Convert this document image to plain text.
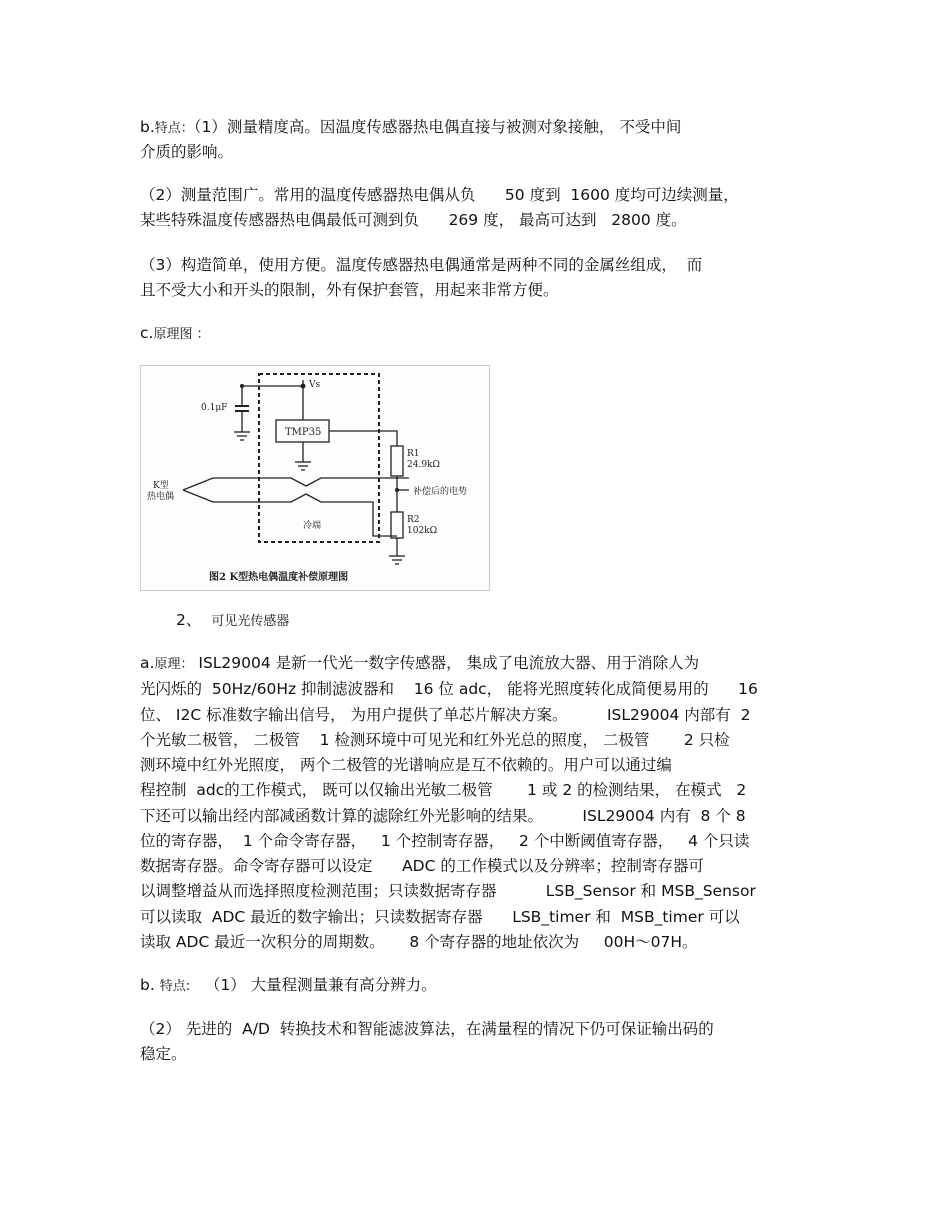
b.特点：（1）测量精度高。因温度传感器热电偶直接与被测对象接触， 不受中间
介质的影响。
（2）测量范围广。常用的温度传感器热电偶从负      50 度到  1600 度均可边续测量，
某些特殊温度传感器热电偶最低可测到负      269 度， 最高可达到   2800 度。
（3）构造简单，使用方便。温度传感器热电偶通常是两种不同的金属丝组成，  而
且不受大小和开头的限制，外有保护套管，用起来非常方便。
c.原理图 ：
Vs
0.1μF
TMP35
R1
24.9kΩ
K型
热电偶	补偿后的电势
冷端
R2
102kΩ
图2 K型热电偶温度补偿原理图
2、 可见光传感器
a.原理： ISL29004 是新一代光一数字传感器， 集成了电流放大器、用于消除人为
光闪烁的  50Hz/60Hz 抑制滤波器和    16 位 adc， 能将光照度转化成简便易用的      16
位、 I2C 标准数字输出信号， 为用户提供了单芯片解决方案。        ISL29004 内部有  2
个光敏二极管， 二极管    1 检测环境中可见光和红外光总的照度， 二极管       2 只检
测环境中红外光照度， 两个二极管的光谱响应是互不依赖的。用户可以通过编
程控制  adc的工作模式， 既可以仅输出光敏二极管       1 或 2 的检测结果， 在模式   2
下还可以输出经内部减函数计算的滤除红外光影响的结果。        ISL29004 内有  8 个 8
位的寄存器，  1 个命令寄存器，   1 个控制寄存器，   2 个中断阈值寄存器，   4 个只读
数据寄存器。命令寄存器可以设定      ADC 的工作模式以及分辨率；控制寄存器可
以调整增益从而选择照度检测范围；只读数据寄存器          LSB_Sensor 和 MSB_Sensor
可以读取  ADC 最近的数字输出；只读数据寄存器      LSB_timer 和  MSB_timer 可以
读取 ADC 最近一次积分的周期数。     8 个寄存器的地址依次为     00H～07H。
b. 特点:   （1） 大量程测量兼有高分辨力。
（2） 先进的  A/D  转换技术和智能滤波算法，在满量程的情况下仍可保证输出码的
稳定。
